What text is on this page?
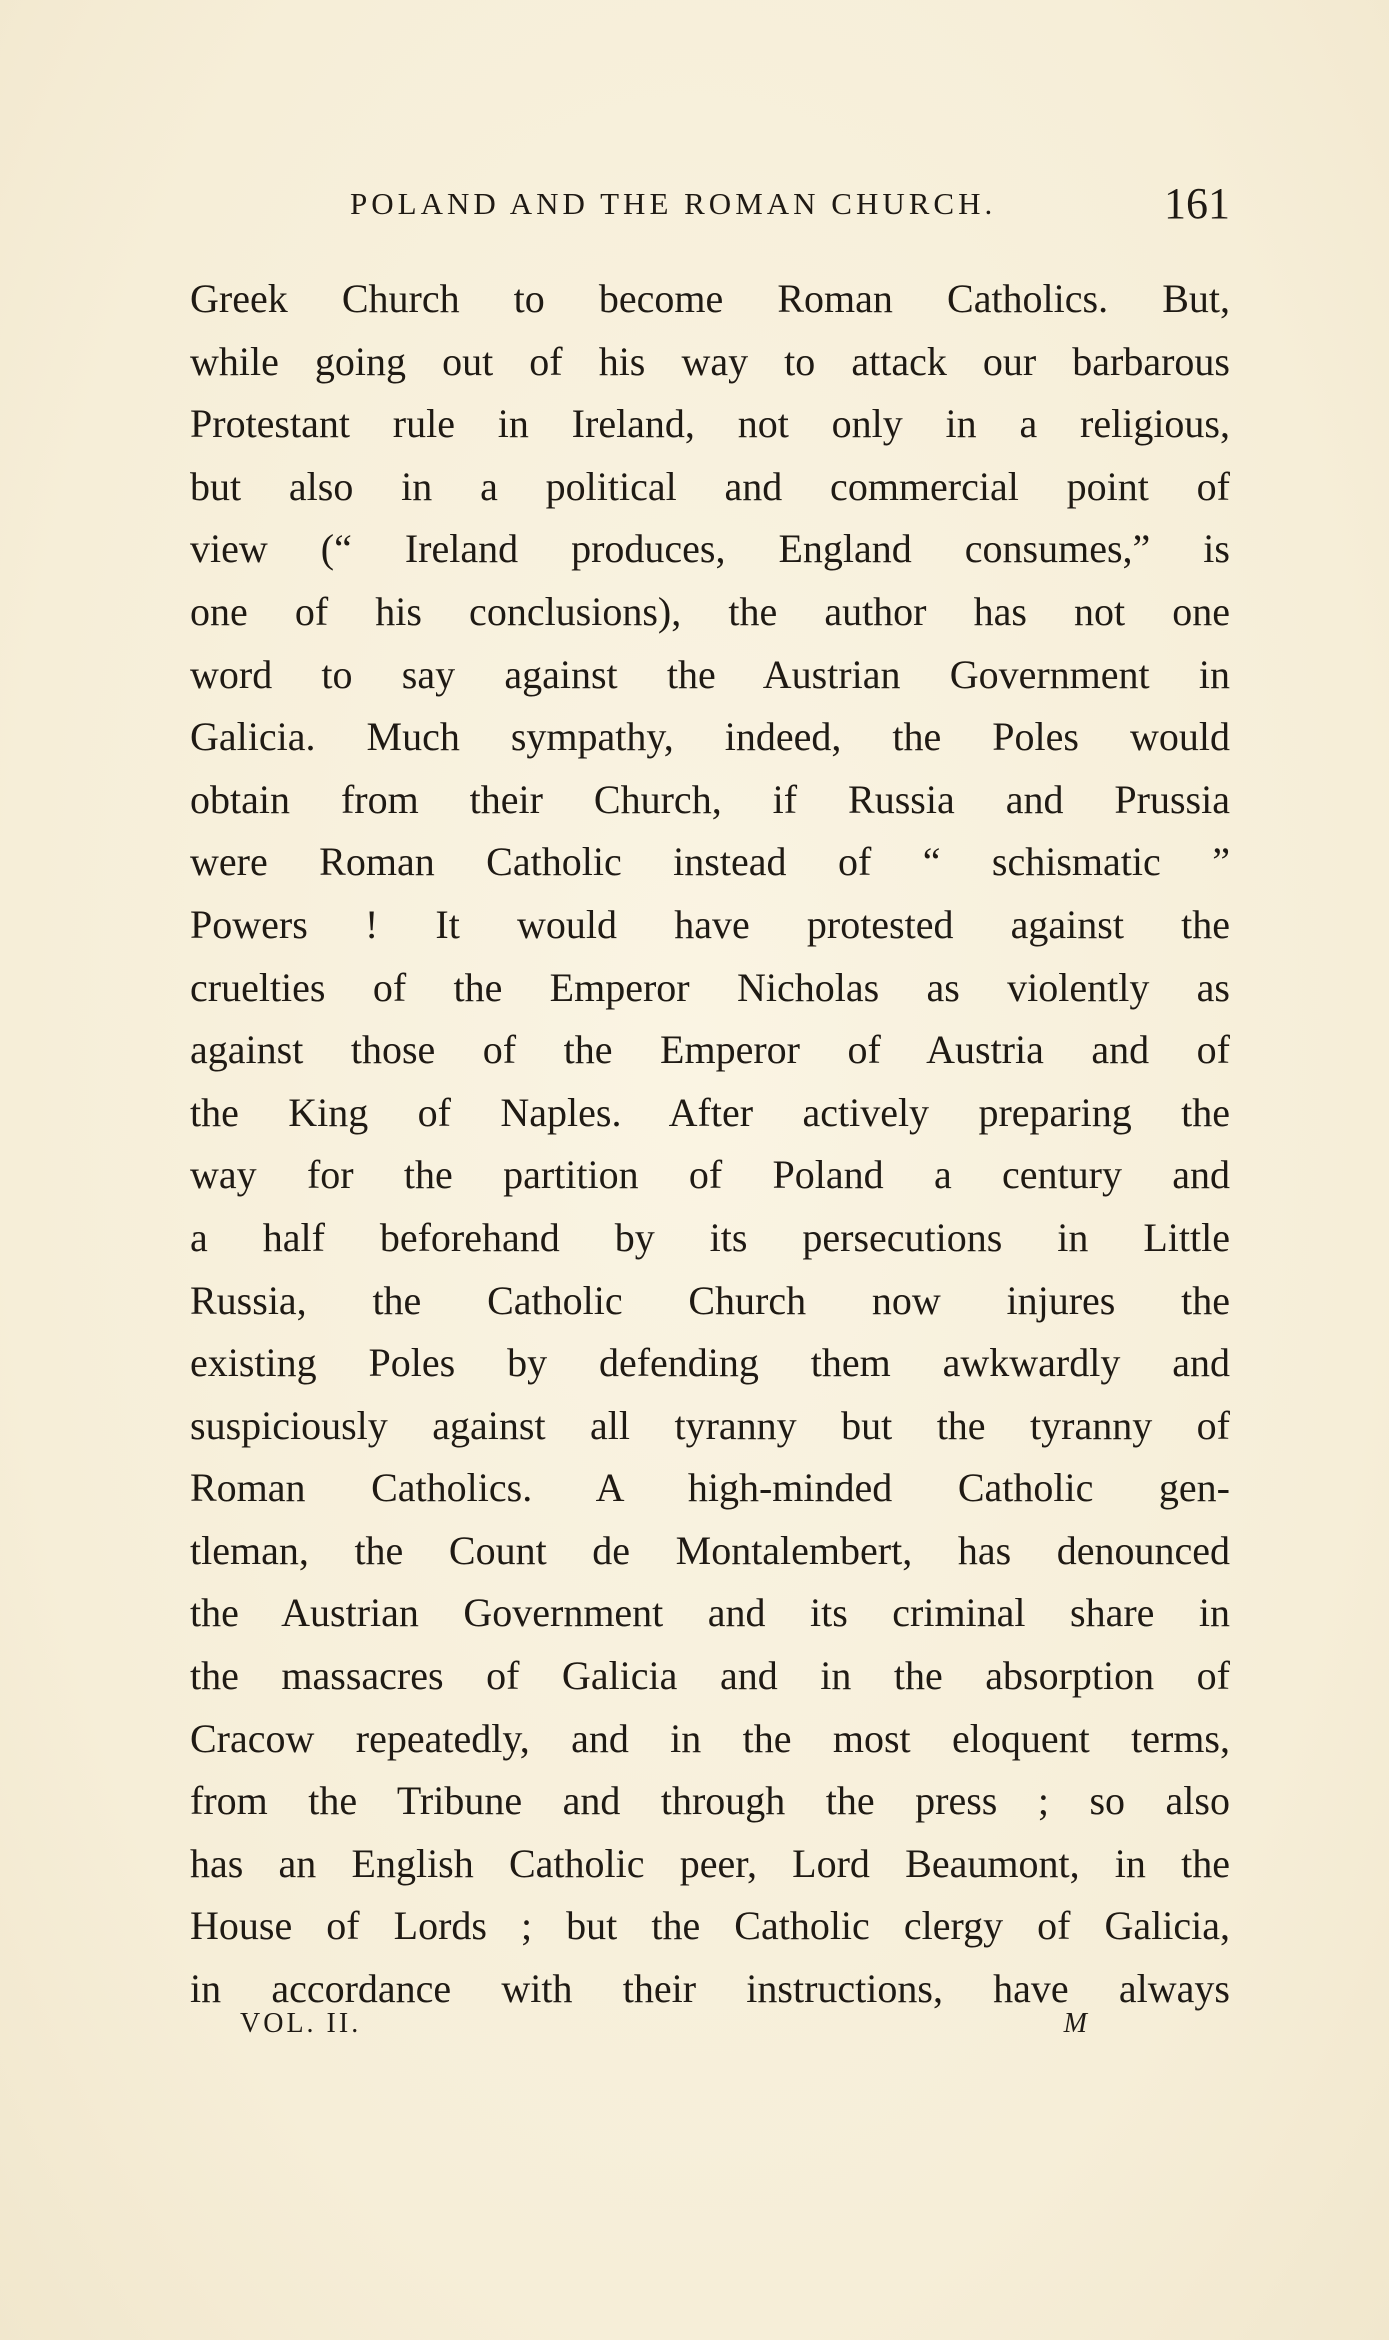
POLAND AND THE ROMAN CHURCH.	161
Greek Church to become Roman Catholics. But,
while going out of his way to attack our barbarous
Protestant rule in Ireland, not only in a religious,
but also in a political and commercial point of
view (“ Ireland produces, England consumes,” is
one of his conclusions), the author has not one
word to say against the Austrian Government in
Galicia. Much sympathy, indeed, the Poles would
obtain from their Church, if Russia and Prussia
were Roman Catholic instead of “ schismatic ”
Powers ! It would have protested against the
cruelties of the Emperor Nicholas as violently as
against those of the Emperor of Austria and of
the King of Naples. After actively preparing the
way for the partition of Poland a century and
a half beforehand by its persecutions in Little
Russia, the Catholic Church now injures the
existing Poles by defending them awkwardly and
suspiciously against all tyranny but the tyranny of
Roman Catholics. A high-minded Catholic gen-
tleman, the Count de Montalembert, has denounced
the Austrian Government and its criminal share in
the massacres of Galicia and in the absorption of
Cracow repeatedly, and in the most eloquent terms,
from the Tribune and through the press ; so also
has an English Catholic peer, Lord Beaumont, in the
House of Lords ; but the Catholic clergy of Galicia,
in accordance with their instructions, have always
VOL. II.	M
